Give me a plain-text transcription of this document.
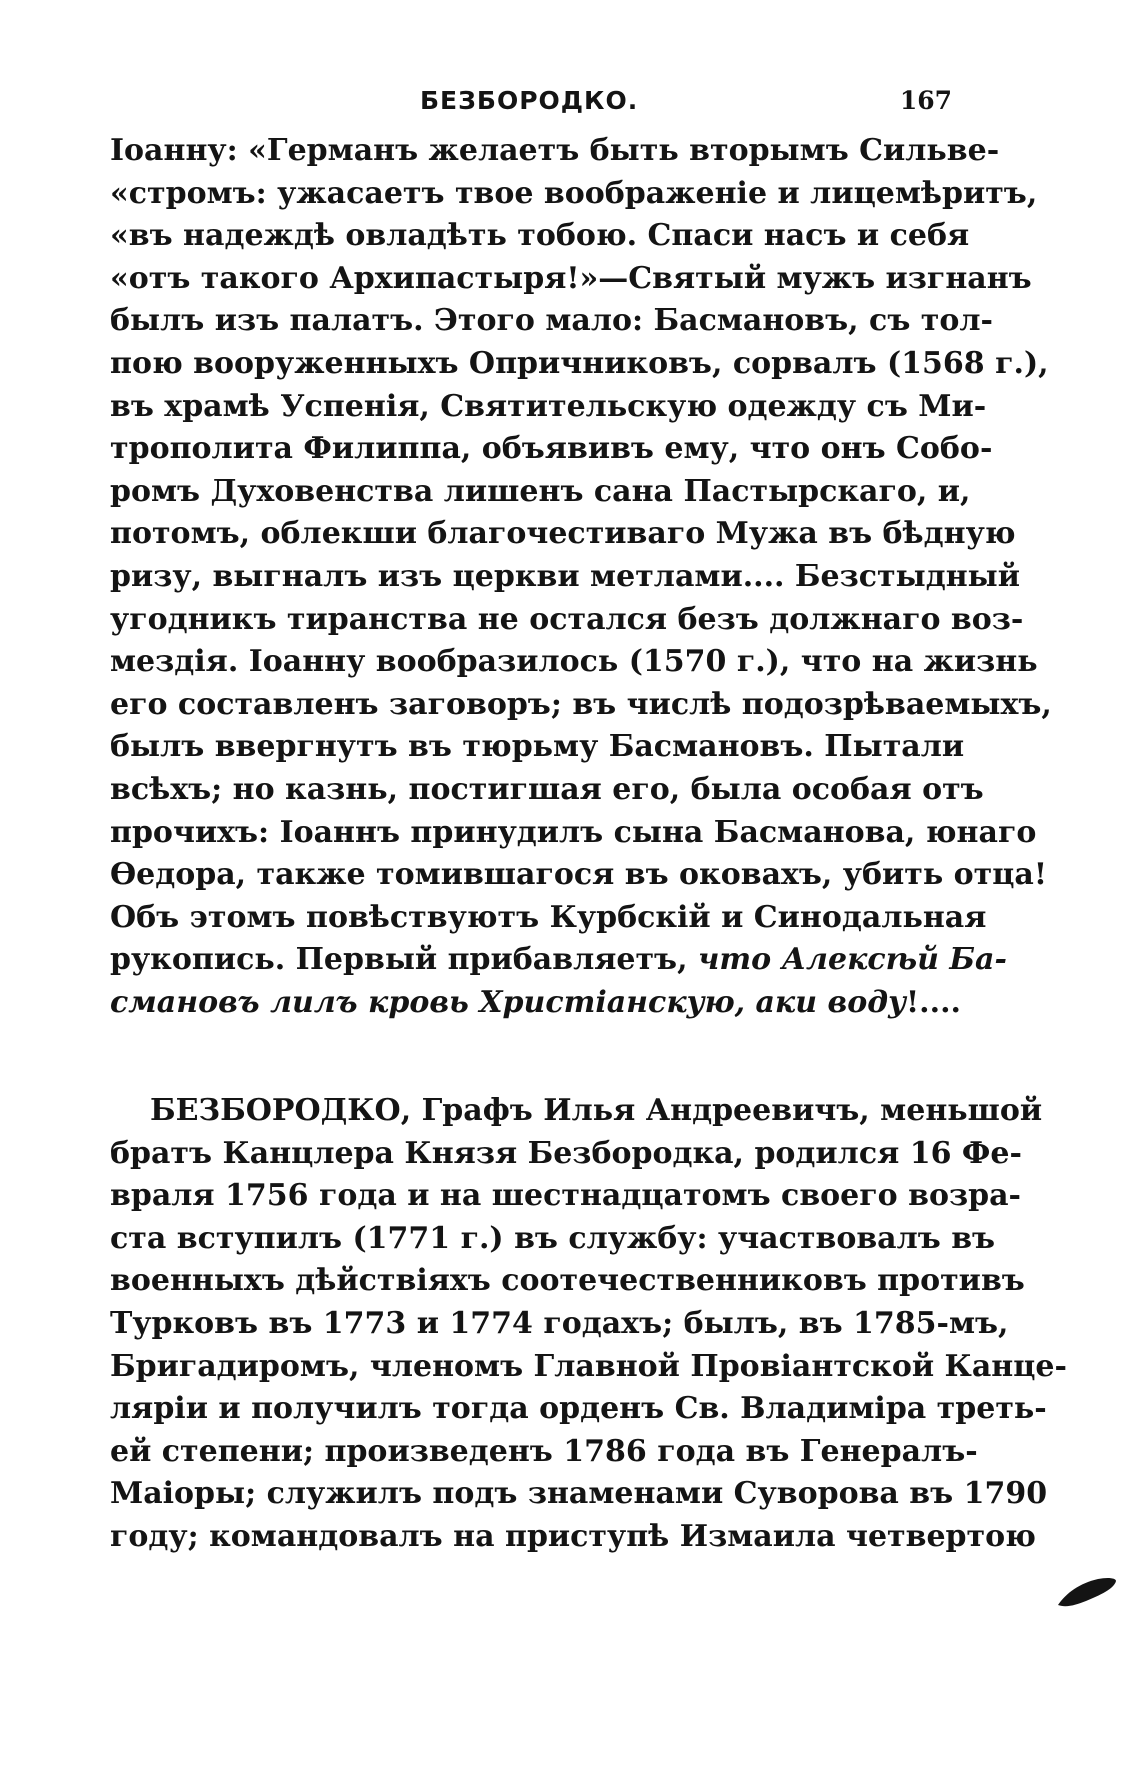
БЕЗБОРОДКО.	167
Іоанну: «Германъ желаетъ быть вторымъ Сильве-
«стромъ: ужасаетъ твое воображеніе и лицемѣритъ,
«въ надеждѣ овладѣть тобою. Спаси насъ и себя
«отъ такого Архипастыря!»—Святый мужъ изгнанъ
былъ изъ палатъ. Этого мало: Басмановъ, съ тол-
пою вооруженныхъ Опричниковъ, сорвалъ (1568 г.),
въ храмѣ Успенія, Святительскую одежду съ Ми-
трополита Филиппа, объявивъ ему, что онъ Собо-
ромъ Духовенства лишенъ сана Пастырскаго, и,
потомъ, облекши благочестиваго Мужа въ бѣдную
ризу, выгналъ изъ церкви метлами.... Безстыдный
угодникъ тиранства не остался безъ должнаго воз-
мездія. Іоанну вообразилось (1570 г.), что на жизнь
его составленъ заговоръ; въ числѣ подозрѣваемыхъ,
былъ ввергнутъ въ тюрьму Басмановъ. Пытали
всѣхъ; но казнь, постигшая его, была особая отъ
прочихъ: Іоаннъ принудилъ сына Басманова, юнаго
Ѳедора, также томившагося въ оковахъ, убить отца!
Объ этомъ повѣствуютъ Курбскій и Синодальная
рукопись. Первый прибавляетъ, что Алексѣй Ба-
смановъ лилъ кровь Христіанскую, аки воду!....
БЕЗБОРОДКО, Графъ Илья Андреевичъ, меньшой
братъ Канцлера Князя Безбородка, родился 16 Фе-
враля 1756 года и на шестнадцатомъ своего возра-
ста вступилъ (1771 г.) въ службу: участвовалъ въ
военныхъ дѣйствіяхъ соотечественниковъ противъ
Турковъ въ 1773 и 1774 годахъ; былъ, въ 1785-мъ,
Бригадиромъ, членомъ Главной Провіантской Канце-
ляріи и получилъ тогда орденъ Св. Владиміра треть-
ей степени; произведенъ 1786 года въ Генералъ-
Маіоры; служилъ подъ знаменами Суворова въ 1790
году; командовалъ на приступѣ Измаила четвертою
